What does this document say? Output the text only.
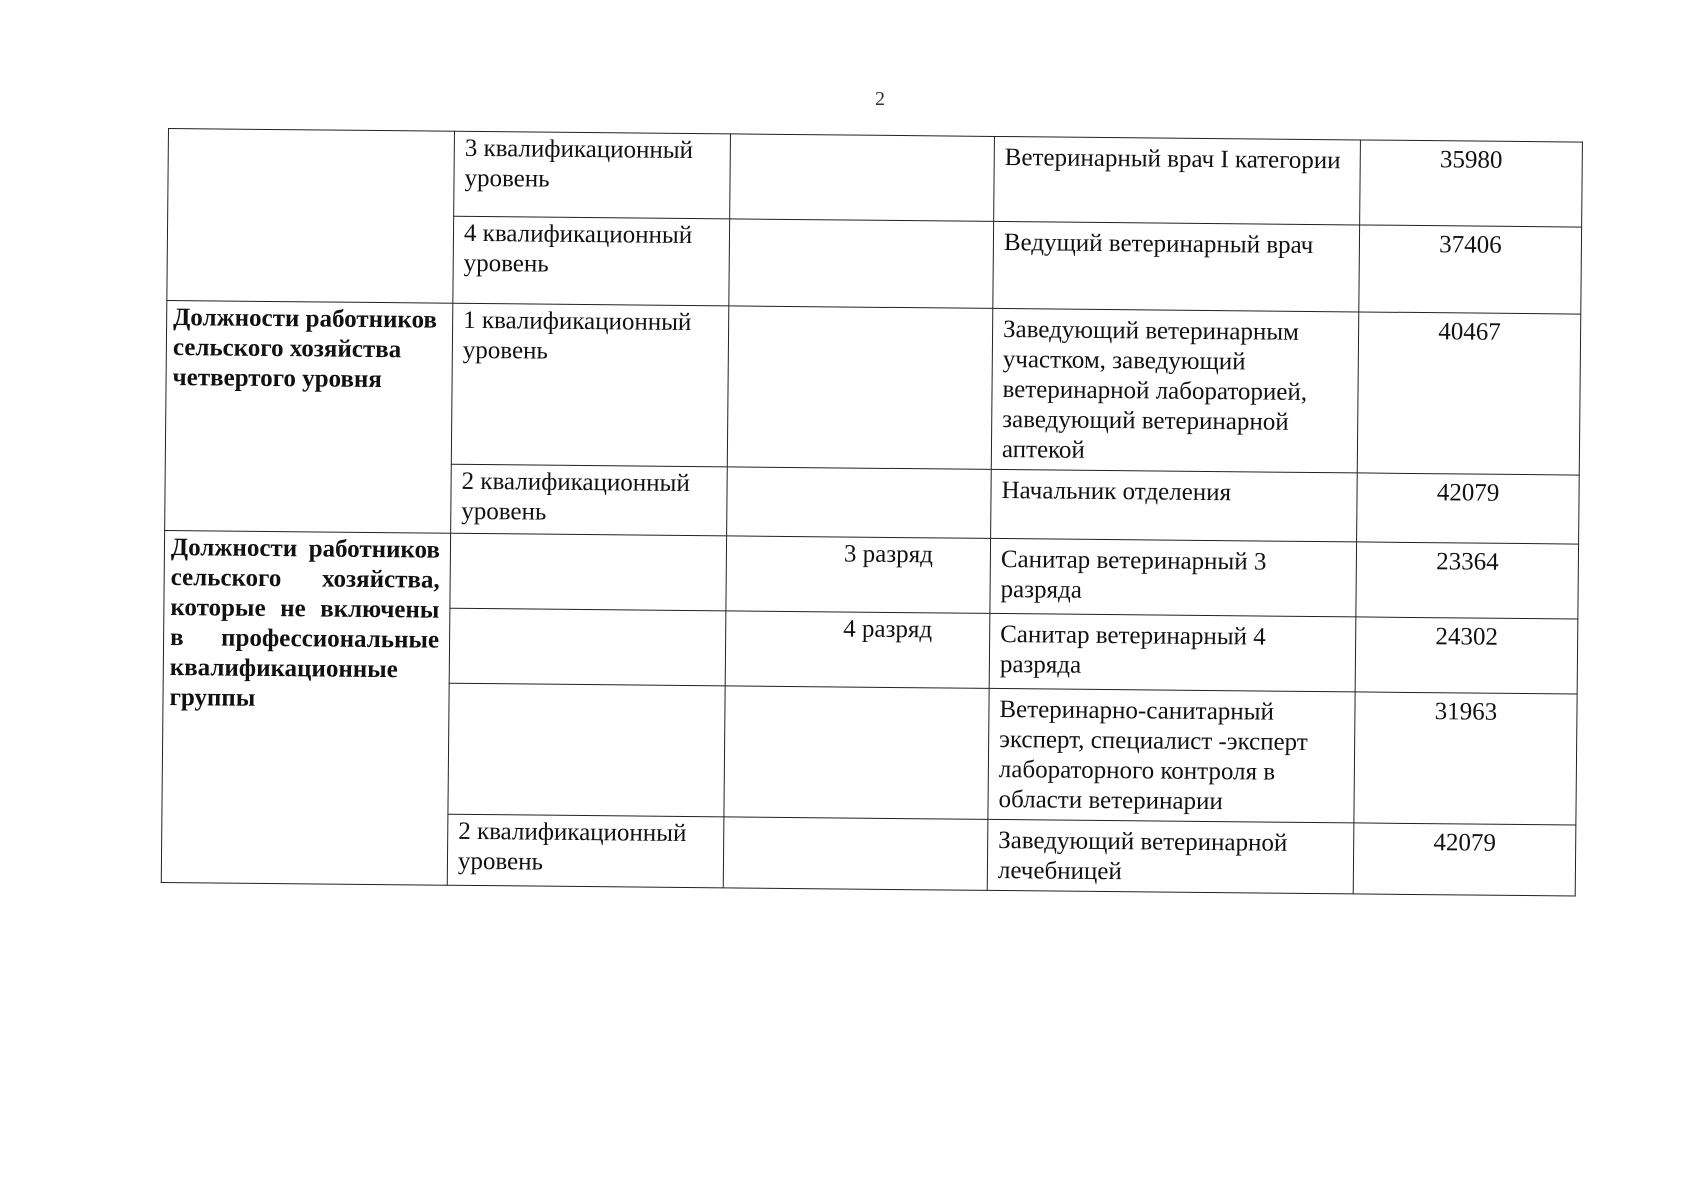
2
	3 квалификационный уровень		Ветеринарный врач I категории	35980
	4 квалификационный уровень		Ведущий ветеринарный врач	37406

Должности работников сельского хозяйства четвертого уровня	1 квалификационный уровень		Заведующий ветеринарным участком, заведующий ветеринарной лабораторией, заведующий ветеринарной аптекой	40467
	2 квалификационный уровень		Начальник отделения	42079

Должности работников сельского хозяйства, которые не включены в профессиональные квалификационные группы		3 разряд	Санитар ветеринарный 3 разряда	23364
		4 разряд	Санитар ветеринарный 4 разряда	24302
			Ветеринарно-санитарный эксперт, специалист -эксперт лабораторного контроля в области ветеринарии	31963
	2 квалификационный уровень		Заведующий ветеринарной лечебницей	42079
